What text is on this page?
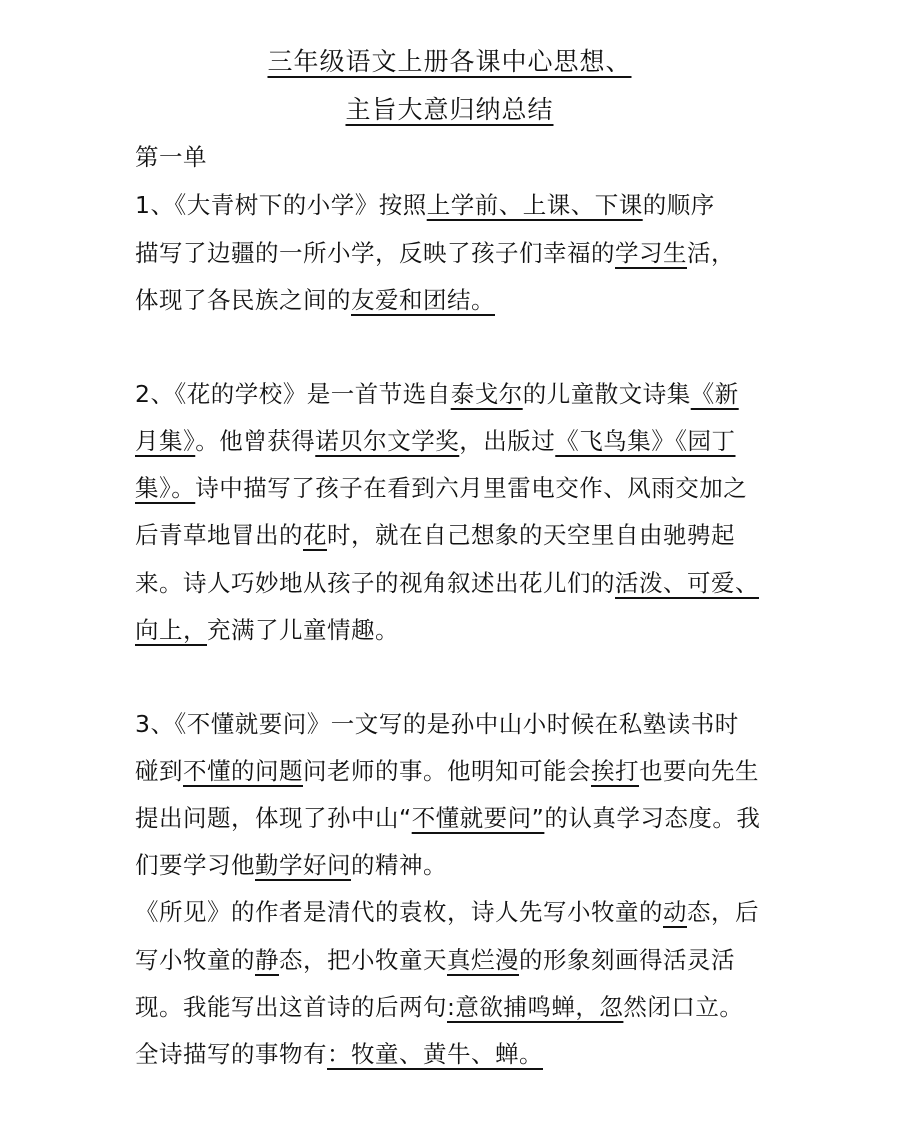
三年级语文上册各课中心思想、
主旨大意归纳总结
第一单
1、《大青树下的小学》按照上学前、上课、下课的顺序
描写了边疆的一所小学，反映了孩子们幸福的学习生活，
体现了各民族之间的友爱和团结。
2、《花的学校》是一首节选自泰戈尔的儿童散文诗集《新
月集》。他曾获得诺贝尔文学奖，出版过《飞鸟集》《园丁
集》。诗中描写了孩子在看到六月里雷电交作、风雨交加之
后青草地冒出的花时，就在自己想象的天空里自由驰骋起
来。诗人巧妙地从孩子的视角叙述出花儿们的活泼、可爱、
向上，充满了儿童情趣。
3、《不懂就要问》一文写的是孙中山小时候在私塾读书时
碰到不懂的问题问老师的事。他明知可能会挨打也要向先生
提出问题，体现了孙中山“不懂就要问”的认真学习态度。我
们要学习他勤学好问的精神。
《所见》的作者是清代的袁枚，诗人先写小牧童的动态，后
写小牧童的静态，把小牧童天真烂漫的形象刻画得活灵活
现。我能写出这首诗的后两句:意欲捕鸣蝉，忽然闭口立。
全诗描写的事物有：牧童、黄牛、蝉。
